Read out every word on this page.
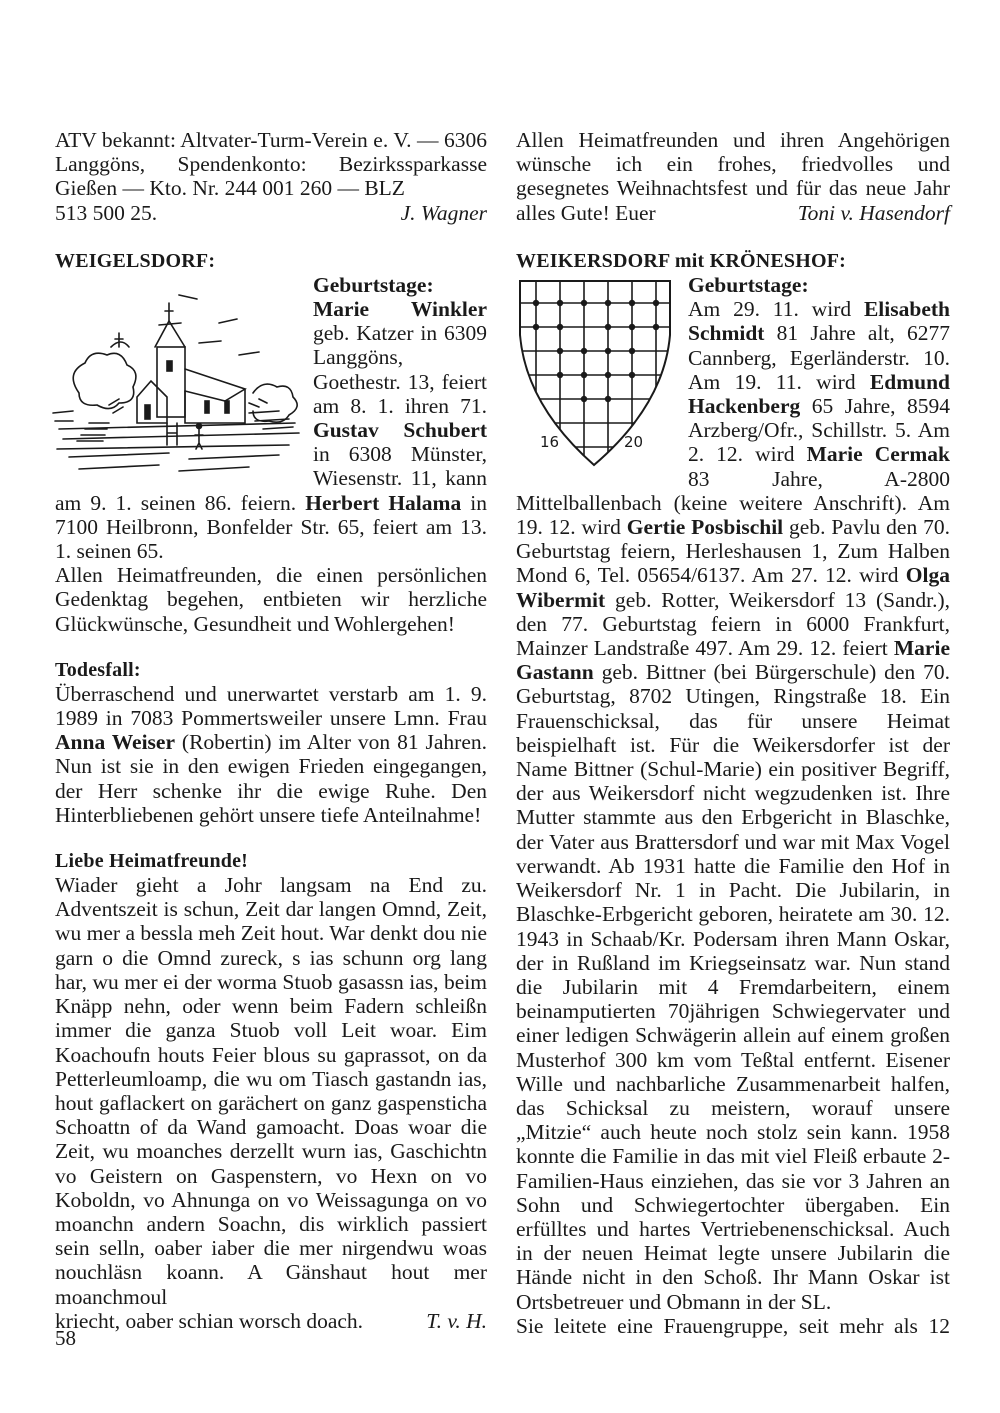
ATV bekannt: Altvater-Turm-Verein e. V. — 6306 Langgöns, Spendenkonto: Bezirkssparkasse Gießen — Kto. Nr. 244 001 260 — BLZ

513 500 25.	J. Wagner
WEIGELSDORF:

Geburtstage:
Marie Winkler geb. Katzer in 6309 Langgöns, Goethestr. 13, feiert am 8. 1. ihren 71. Gustav Schubert in 6308 Münster, Wiesenstr. 11, kann am 9. 1. seinen 86. feiern. Herbert Halama in 7100 Heilbronn, Bonfelder Str. 65, feiert am 13. 1. seinen 65.

Allen Heimatfreunden, die einen persönlichen Gedenktag begehen, entbieten wir herzliche Glückwünsche, Gesundheit und Wohlergehen!

Todesfall:

Überraschend und unerwartet verstarb am 1. 9. 1989 in 7083 Pommertsweiler unsere Lmn. Frau Anna Weiser (Robertin) im Alter von 81 Jahren. Nun ist sie in den ewigen Frieden eingegangen, der Herr schenke ihr die ewige Ruhe. Den Hinterbliebenen gehört unsere tiefe Anteilnahme!

Liebe Heimatfreunde!

Wiader gieht a Johr langsam na End zu. Adventszeit is schun, Zeit dar langen Omnd, Zeit, wu mer a bessla meh Zeit hout. War denkt dou nie garn o die Omnd zureck, s ias schunn org lang har, wu mer ei der worma Stuob gasassn ias, beim Knäpp nehn, oder wenn beim Fadern schleißn immer die ganza Stuob voll Leit woar. Eim Koachoufn houts Feier blous su gaprassot, on da Petterleumloamp, die wu om Tiasch gastandn ias, hout gaflackert on garächert on ganz gaspensticha Schoattn of da Wand gamoacht. Doas woar die Zeit, wu moanches derzellt wurn ias, Gaschichtn vo Geistern on Gaspenstern, vo Hexn on vo Koboldn, vo Ahnunga on vo Weissagunga on vo moanchn andern Soachn, dis wirklich passiert sein selln, oaber iaber die mer nirgendwu woas nouchläsn koann. A Gänshaut hout mer moanchmoul

kriecht, oaber schian worsch doach.	T. v. H.

Allen Heimatfreunden und ihren Angehörigen wünsche ich ein frohes, friedvolles und gesegnetes Weihnachtsfest und für das neue Jahr alles Gute! Euer	Toni v. Hasendorf
WEIKERSDORF mit KRÖNESHOF:
16	20

Geburtstage:
Am 29. 11. wird Elisabeth Schmidt 81 Jahre alt, 6277 Cannberg, Egerländerstr. 10. Am 19. 11. wird Edmund Hackenberg 65 Jahre, 8594 Arzberg/Ofr., Schillstr. 5. Am 2. 12. wird Marie Cermak 83 Jahre, A-2800 Mittelballenbach (keine weitere Anschrift). Am 19. 12. wird Gertie Posbischil geb. Pavlu den 70. Geburtstag feiern, Herleshausen 1, Zum Halben Mond 6, Tel. 05654/6137. Am 27. 12. wird Olga Wibermit geb. Rotter, Weikersdorf 13 (Sandr.), den 77. Geburtstag feiern in 6000 Frankfurt, Mainzer Landstraße 497. Am 29. 12. feiert Marie Gastann geb. Bittner (bei Bürgerschule) den 70. Geburtstag, 8702 Utingen, Ringstraße 18. Ein Frauenschicksal, das für unsere Heimat beispielhaft ist. Für die Weikersdorfer ist der Name Bittner (Schul-Marie) ein positiver Begriff, der aus Weikersdorf nicht wegzudenken ist. Ihre Mutter stammte aus den Erbgericht in Blaschke, der Vater aus Brattersdorf und war mit Max Vogel verwandt. Ab 1931 hatte die Familie den Hof in Weikersdorf Nr. 1 in Pacht. Die Jubilarin, in Blaschke-Erbgericht geboren, heiratete am 30. 12. 1943 in Schaab/Kr. Podersam ihren Mann Oskar, der in Rußland im Kriegseinsatz war. Nun stand die Jubilarin mit 4 Fremdarbeitern, einem beinamputierten 70jährigen Schwiegervater und einer ledigen Schwägerin allein auf einem großen Musterhof 300 km vom Teßtal entfernt. Eisener Wille und nachbarliche Zusammenarbeit halfen, das Schicksal zu meistern, worauf unsere „Mitzie“ auch heute noch stolz sein kann. 1958 konnte die Familie in das mit viel Fleiß erbaute 2-Familien-Haus einziehen, das sie vor 3 Jahren an Sohn und Schwiegertochter übergaben. Ein erfülltes und hartes Vertriebenenschicksal. Auch in der neuen Heimat legte unsere Jubilarin die Hände nicht in den Schoß. Ihr Mann Oskar ist Ortsbetreuer und Obmann in der SL.

Sie leitete eine Frauengruppe, seit mehr als 12

58
